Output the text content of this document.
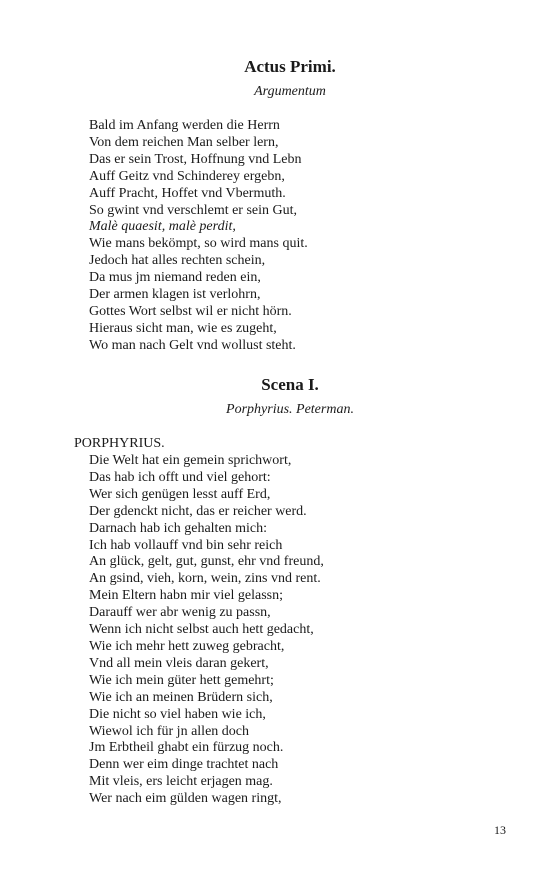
Actus Primi.
Argumentum
Bald im Anfang werden die Herrn
Von dem reichen Man selber lern,
Das er sein Trost, Hoffnung vnd Lebn
Auff Geitz vnd Schinderey ergebn,
Auff Pracht, Hoffet vnd Vbermuth.
So gwint vnd verschlemt er sein Gut,
Malè quaesit, malè perdit,
Wie mans bekömpt, so wird mans quit.
Jedoch hat alles rechten schein,
Da mus jm niemand reden ein,
Der armen klagen ist verlohrn,
Gottes Wort selbst wil er nicht hörn.
Hieraus sicht man, wie es zugeht,
Wo man nach Gelt vnd wollust steht.
Scena I.
Porphyrius. Peterman.
PORPHYRIUS.
Die Welt hat ein gemein sprichwort,
Das hab ich offt und viel gehort:
Wer sich genügen lesst auff Erd,
Der gdenckt nicht, das er reicher werd.
Darnach hab ich gehalten mich:
Ich hab vollauff vnd bin sehr reich
An glück, gelt, gut, gunst, ehr vnd freund,
An gsind, vieh, korn, wein, zins vnd rent.
Mein Eltern habn mir viel gelassn;
Darauff wer abr wenig zu passn,
Wenn ich nicht selbst auch hett gedacht,
Wie ich mehr hett zuweg gebracht,
Vnd all mein vleis daran gekert,
Wie ich mein güter hett gemehrt;
Wie ich an meinen Brüdern sich,
Die nicht so viel haben wie ich,
Wiewol ich für jn allen doch
Jm Erbtheil ghabt ein fürzug noch.
Denn wer eim dinge trachtet nach
Mit vleis, ers leicht erjagen mag.
Wer nach eim gülden wagen ringt,
13
